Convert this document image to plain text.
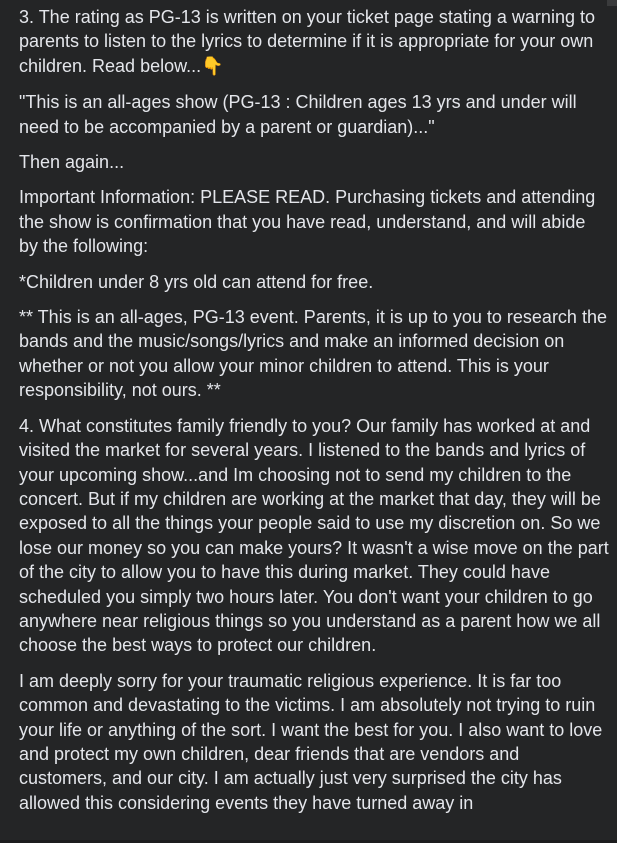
3. The rating as PG-13 is written on your ticket page stating a warning to parents to listen to the lyrics to determine if it is appropriate for your own children. Read below...👇

"This is an all-ages show (PG-13 : Children ages 13 yrs and under will need to be accompanied by a parent or guardian)..."

Then again...

Important Information: PLEASE READ. Purchasing tickets and attending the show is confirmation that you have read, understand, and will abide by the following:

*Children under 8 yrs old can attend for free.

** This is an all-ages, PG-13 event. Parents, it is up to you to research the bands and the music/songs/lyrics and make an informed decision on whether or not you allow your minor children to attend. This is your responsibility, not ours. **

4. What constitutes family friendly to you? Our family has worked at and visited the market for several years. I listened to the bands and lyrics of your upcoming show...and Im choosing not to send my children to the concert. But if my children are working at the market that day, they will be exposed to all the things your people said to use my discretion on. So we lose our money so you can make yours? It wasn't a wise move on the part of the city to allow you to have this during market. They could have scheduled you simply two hours later. You don't want your children to go anywhere near religious things so you understand as a parent how we all choose the best ways to protect our children.

I am deeply sorry for your traumatic religious experience. It is far too common and devastating to the victims. I am absolutely not trying to ruin your life or anything of the sort. I want the best for you. I also want to love and protect my own children, dear friends that are vendors and customers, and our city. I am actually just very surprised the city has allowed this considering events they have turned away in
